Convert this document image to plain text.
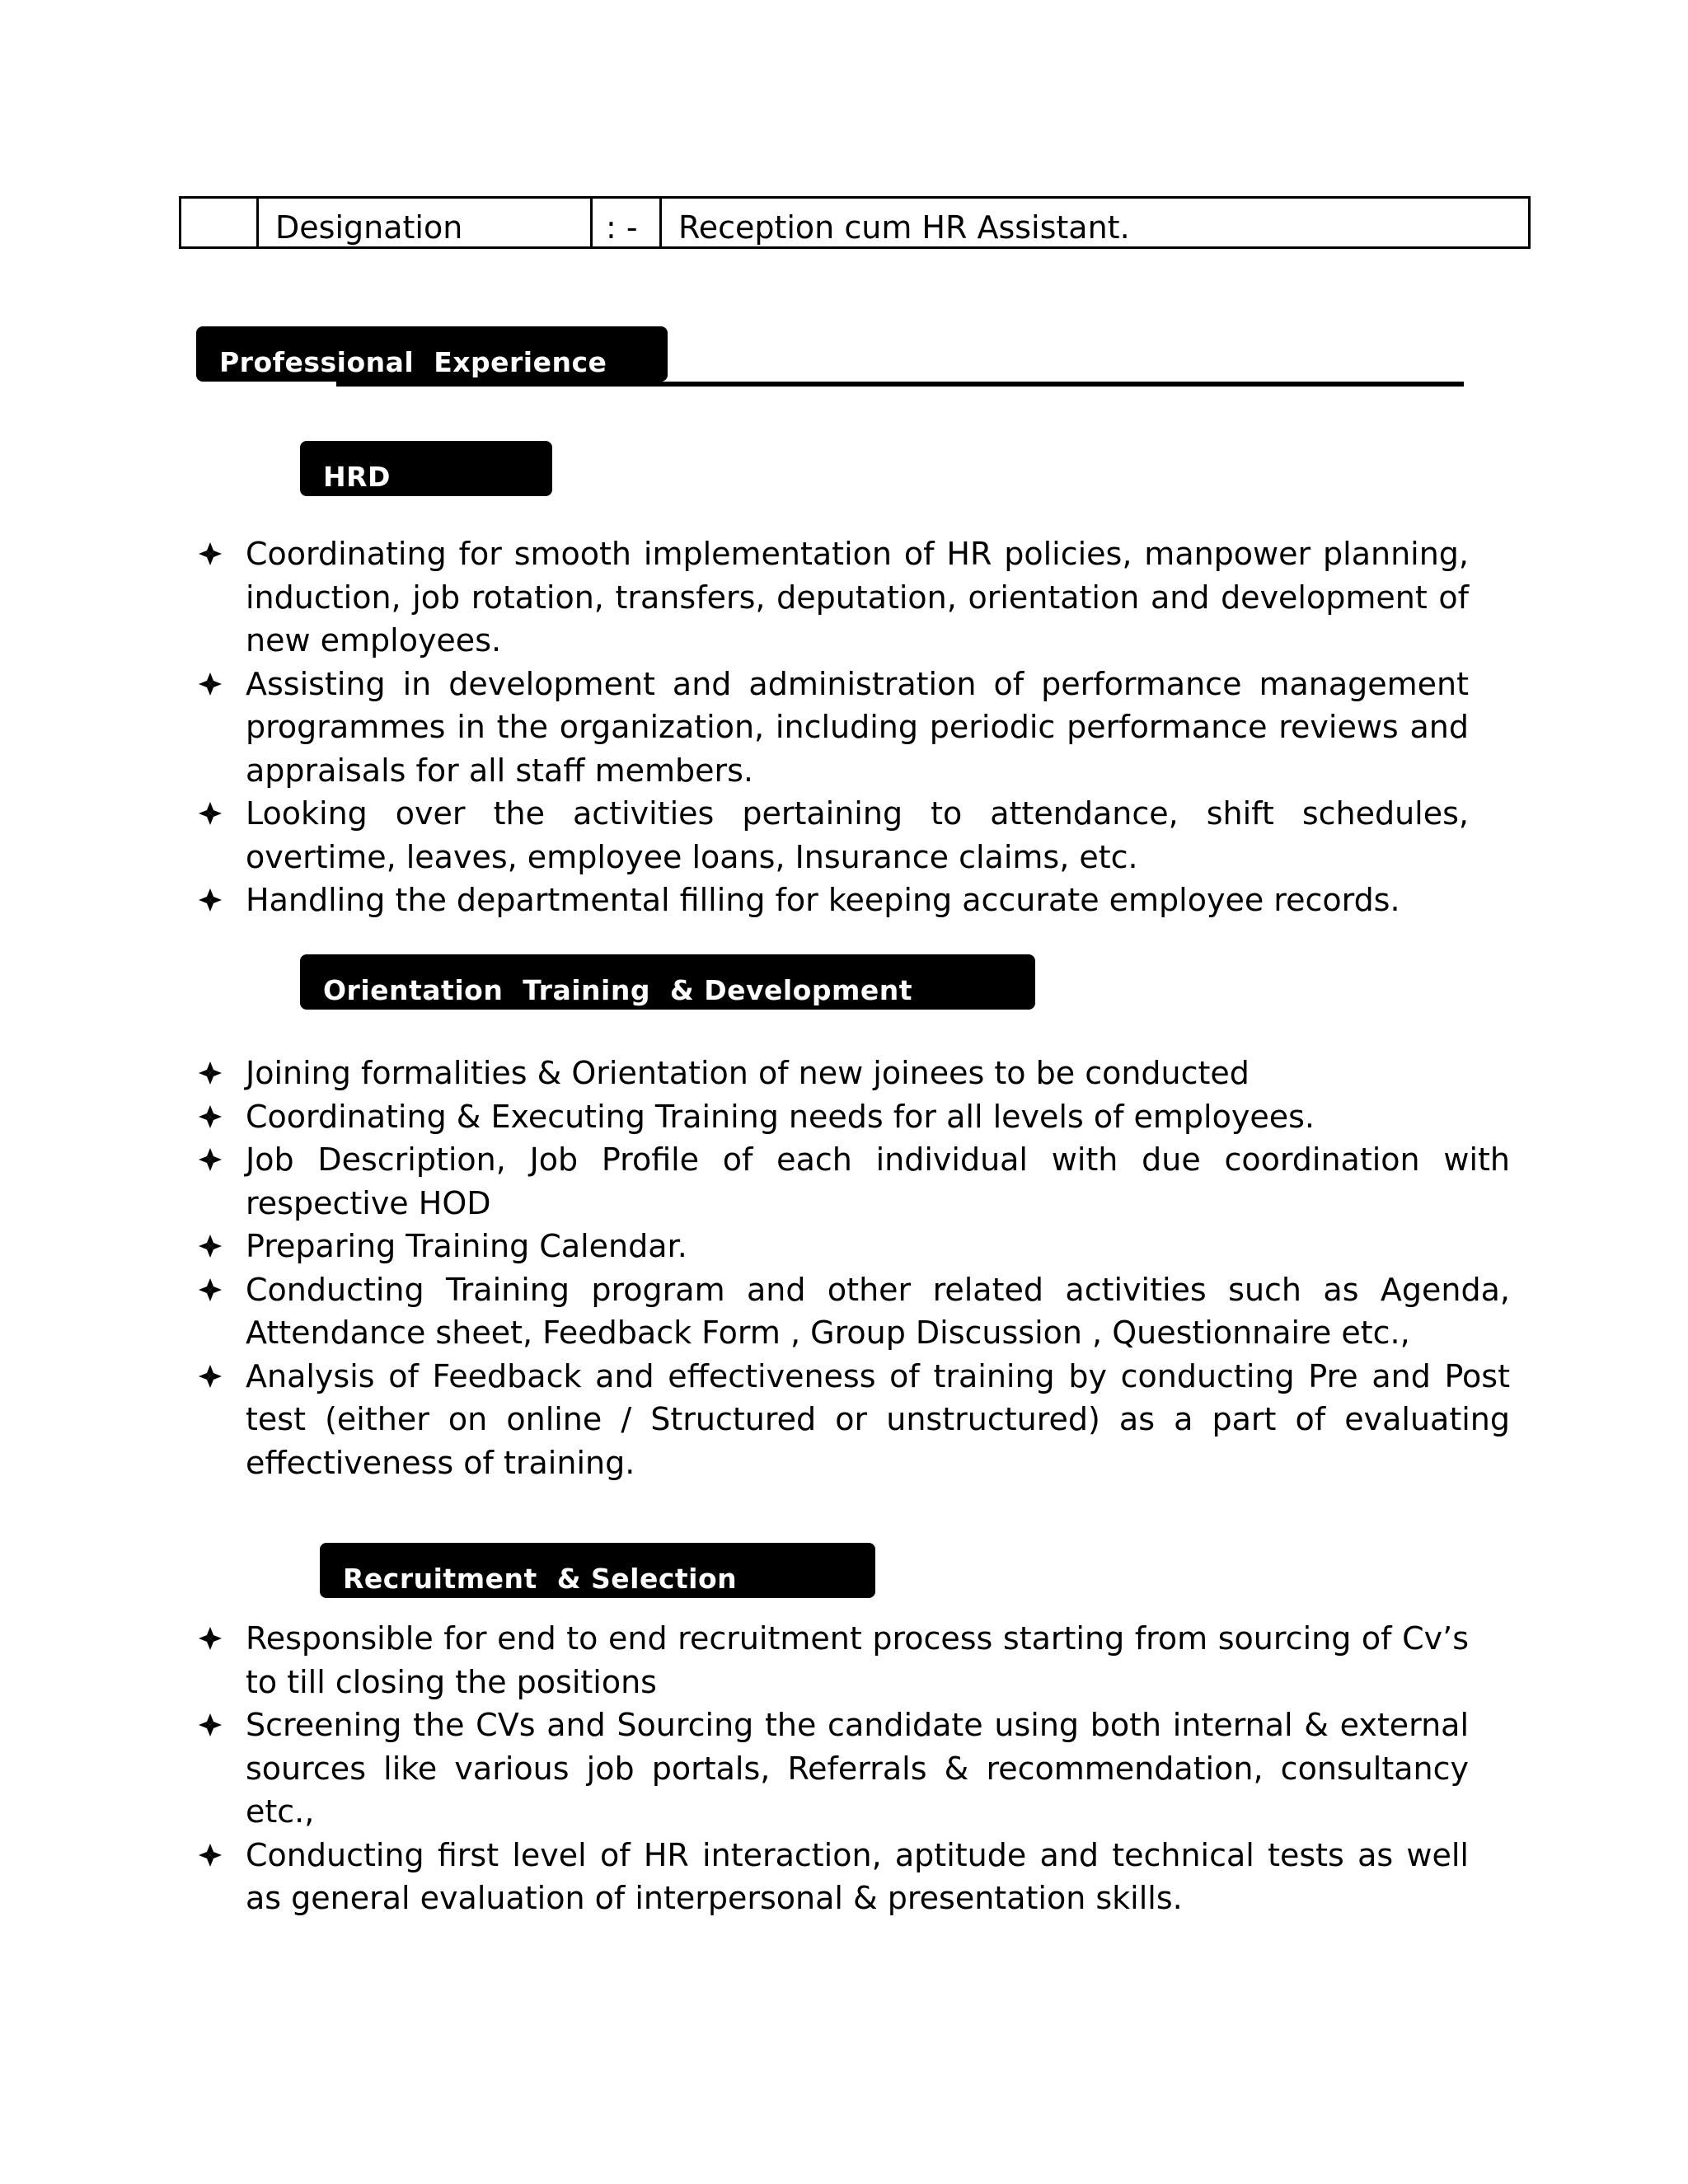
Designation	: -	Reception cum HR Assistant.
Professional  Experience
HRD
Coordinating for smooth implementation of HR policies, manpower planning, induction, job rotation, transfers, deputation, orientation and development of new employees.
Assisting in development and administration of performance management programmes in the organization, including periodic performance reviews and appraisals for all staff members.
Looking over the activities pertaining to attendance, shift schedules, overtime, leaves, employee loans, Insurance claims, etc.
Handling the departmental filling for keeping accurate employee records.
Orientation  Training  & Development
Joining formalities & Orientation of new joinees to be conducted
Coordinating & Executing Training needs for all levels of employees.
Job Description, Job Profile of each individual with due coordination with respective HOD
Preparing Training Calendar.
Conducting Training program and other related activities such as Agenda, Attendance sheet, Feedback Form , Group Discussion , Questionnaire etc.,
Analysis of Feedback and effectiveness of training by conducting Pre and Post test (either on online / Structured or unstructured) as a part of evaluating effectiveness of training.
Recruitment  & Selection
Responsible for end to end recruitment process starting from sourcing of Cv’s to till closing the positions
Screening the CVs and Sourcing the candidate using both internal & external sources like various job portals, Referrals & recommendation, consultancy etc.,
Conducting first level of HR interaction, aptitude and technical tests as well as general evaluation of interpersonal & presentation skills.
